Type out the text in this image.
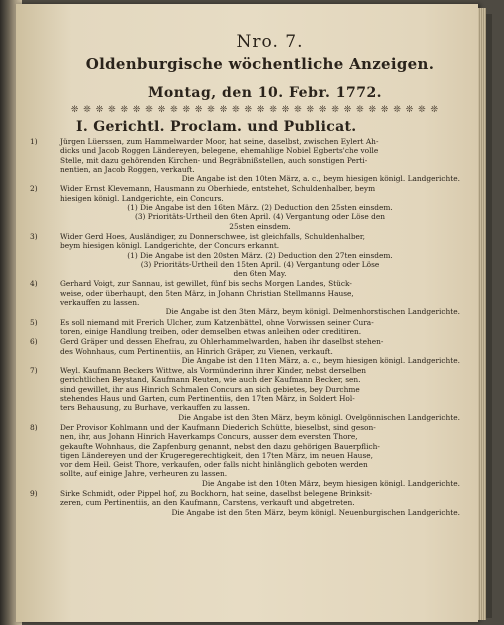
Nro. 7.
Oldenburgische wöchentliche Anzeigen.
Montag, den 10. Febr. 1772.
❊ ❊ ❊ ❊ ❊ ❊ ❊ ❊ ❊ ❊ ❊ ❊ ❊ ❊ ❊ ❊ ❊ ❊ ❊ ❊ ❊ ❊ ❊ ❊ ❊ ❊ ❊ ❊ ❊ ❊
I. Gerichtl. Proclam. und Publicat.
1)	Jürgen Lüerssen, zum Hammelwarder Moor, hat seine, daselbst, zwischen Eylert Ah-
dicks und Jacob Roggen Ländereyen, belegene, ehemahlige Nobiel Egberts'che volle
Stelle, mit dazu gehörenden Kirchen- und Begräbnißstellen, auch sonstigen Perti-
nentien, an Jacob Roggen, verkauft.
Die Angabe ist den 10ten März, a. c., beym hiesigen königl. Landgerichte.
2)	Wider Ernst Klevemann, Hausmann zu Oberhiede, entstehet, Schuldenhalber, beym
hiesigen königl. Landgerichte, ein Concurs.
(1) Die Angabe ist den 16ten März. (2) Deduction den 25sten einsdem.
(3) Prioritäts-Urtheil den 6ten April. (4) Vergantung oder Löse den
25sten einsdem.
3)	Wider Gerd Hoes, Ausländiger, zu Donnerschwee, ist gleichfalls, Schuldenhalber,
beym hiesigen königl. Landgerichte, der Concurs erkannt.
(1) Die Angabe ist den 20sten März. (2) Deduction den 27ten einsdem.
(3) Prioritäts-Urtheil den 15ten April. (4) Vergantung oder Löse
den 6ten May.
4)	Gerhard Voigt, zur Sannau, ist gewillet, fünf bis sechs Morgen Landes, Stück-
weise, oder überhaupt, den 5ten März, in Johann Christian Stellmanns Hause,
verkauffen zu lassen.
Die Angabe ist den 3ten März, beym königl. Delmenhorstischen Landgerichte.
5)	Es soll niemand mit Frerich Ulcher, zum Katzenbättel, ohne Vorwissen seiner Cura-
toren, einige Handlung treiben, oder demselben etwas anleihen oder creditiren.
6)	Gerd Gräper und dessen Ehefrau, zu Ohlerhammelwarden, haben ihr daselbst stehen-
des Wohnhaus, cum Pertinentiis, an Hinrich Gräper, zu Vienen, verkauft.
Die Angabe ist den 11ten März, a. c., beym hiesigen königl. Landgerichte.
7)	Weyl. Kaufmann Beckers Wittwe, als Vormünderinn ihrer Kinder, nebst derselben
gerichtlichen Beystand, Kaufmann Reuten, wie auch der Kaufmann Becker, sen.
sind gewillet, ihr aus Hinrich Schmalen Concurs an sich gebietes, bey Durchme
stehendes Haus und Garten, cum Pertinentiis, den 17ten März, in Soldert Hol-
ters Behausung, zu Burhave, verkauffen zu lassen.
Die Angabe ist den 3ten März, beym königl. Ovelgönnischen Landgerichte.
8)	Der Provisor Kohlmann und der Kaufmann Diederich Schütte, bieselbst, sind geson-
nen, ihr, aus Johann Hinrich Haverkamps Concurs, ausser dem eversten Thore,
gekaufte Wohnhaus, die Zapfenburg genannt, nebst den dazu gehörigen Bauerpflich-
tigen Ländereyen und der Krugeregerechtigkeit, den 17ten März, im neuen Hause,
vor dem Heil. Geist Thore, verkaufen, oder falls nicht hinlänglich geboten werden
sollte, auf einige Jahre, verheuren zu lassen.
Die Angabe ist den 10ten März, beym hiesigen königl. Landgerichte.
9)	Sirke Schmidt, oder Pippel hof, zu Bockhorn, hat seine, daselbst belegene Brinksit-
zeren, cum Pertinentiis, an den Kaufmann, Carstens, verkauft und abgetreten.
Die Angabe ist den 5ten März, beym königl. Neuenburgischen Landgerichte.
